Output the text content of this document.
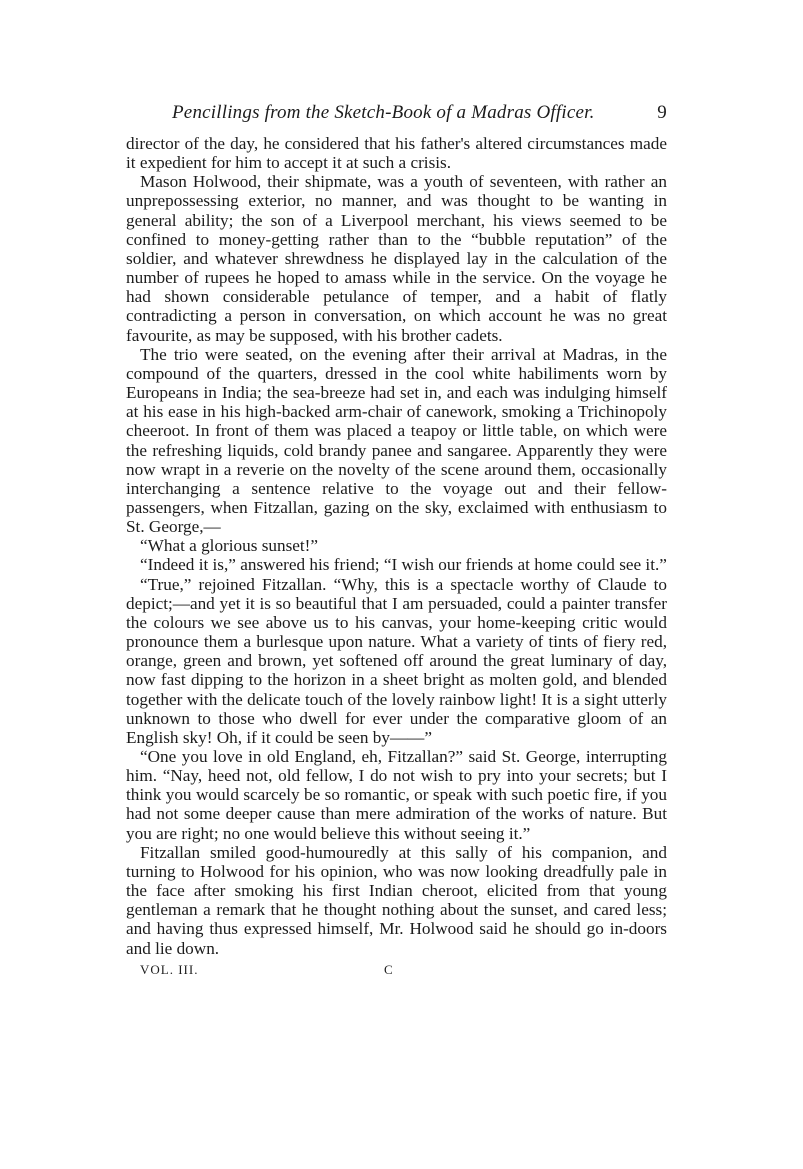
Pencillings from the Sketch-Book of a Madras Officer.	9

director of the day, he considered that his father's altered circumstances made it expedient for him to accept it at such a crisis.

Mason Holwood, their shipmate, was a youth of seventeen, with rather an unprepossessing exterior, no manner, and was thought to be wanting in general ability; the son of a Liverpool merchant, his views seemed to be confined to money-getting rather than to the “bubble reputation” of the soldier, and whatever shrewdness he displayed lay in the calculation of the number of rupees he hoped to amass while in the service. On the voyage he had shown considerable petulance of temper, and a habit of flatly contradicting a person in conversation, on which account he was no great favourite, as may be supposed, with his brother cadets.

The trio were seated, on the evening after their arrival at Madras, in the compound of the quarters, dressed in the cool white habiliments worn by Europeans in India; the sea-breeze had set in, and each was indulging himself at his ease in his high-backed arm-chair of canework, smoking a Trichinopoly cheeroot. In front of them was placed a teapoy or little table, on which were the refreshing liquids, cold brandy panee and sangaree. Apparently they were now wrapt in a reverie on the novelty of the scene around them, occasionally interchanging a sentence relative to the voyage out and their fellow-passengers, when Fitzallan, gazing on the sky, exclaimed with enthusiasm to St. George,—

“What a glorious sunset!”

“Indeed it is,” answered his friend; “I wish our friends at home could see it.”

“True,” rejoined Fitzallan. “Why, this is a spectacle worthy of Claude to depict;—and yet it is so beautiful that I am persuaded, could a painter transfer the colours we see above us to his canvas, your home-keeping critic would pronounce them a burlesque upon nature. What a variety of tints of fiery red, orange, green and brown, yet softened off around the great luminary of day, now fast dipping to the horizon in a sheet bright as molten gold, and blended together with the delicate touch of the lovely rainbow light! It is a sight utterly unknown to those who dwell for ever under the comparative gloom of an English sky! Oh, if it could be seen by——”

“One you love in old England, eh, Fitzallan?” said St. George, interrupting him. “Nay, heed not, old fellow, I do not wish to pry into your secrets; but I think you would scarcely be so romantic, or speak with such poetic fire, if you had not some deeper cause than mere admiration of the works of nature. But you are right; no one would believe this without seeing it.”

Fitzallan smiled good-humouredly at this sally of his companion, and turning to Holwood for his opinion, who was now looking dreadfully pale in the face after smoking his first Indian cheroot, elicited from that young gentleman a remark that he thought nothing about the sunset, and cared less; and having thus expressed himself, Mr. Holwood said he should go in-doors and lie down.

VOL. III.	C
